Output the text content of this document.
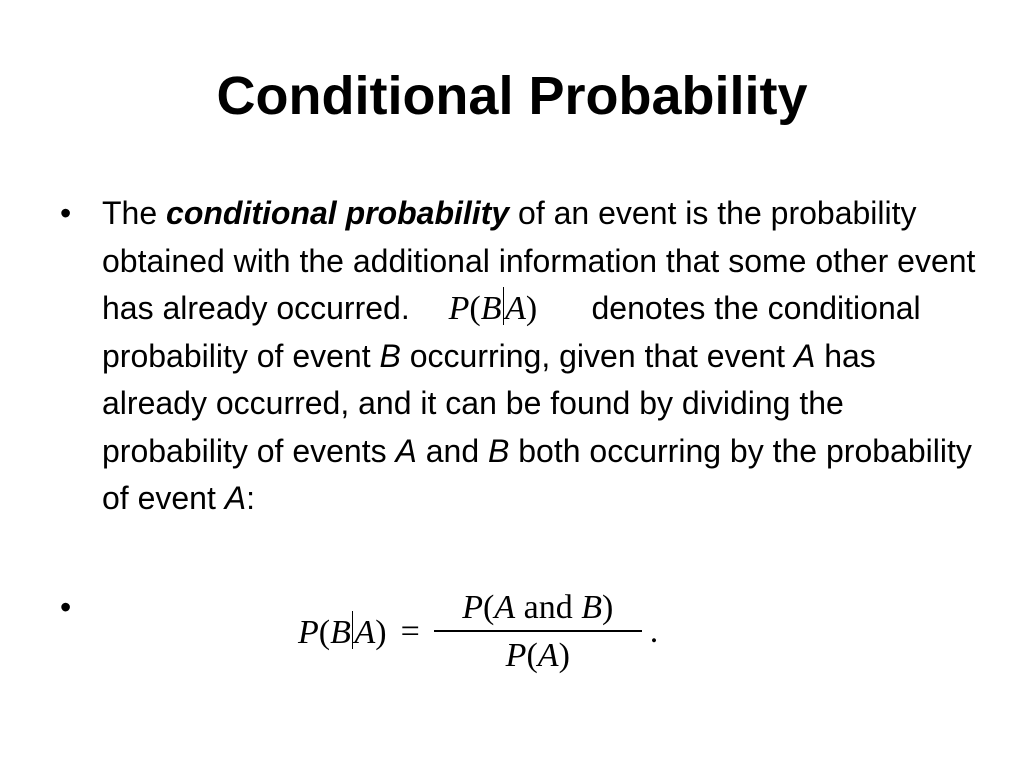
Conditional Probability
• The conditional probability of an event is the probability obtained with the additional information that some other event has already occurred. P(B A) denotes the conditional probability of event B occurring, given that event A has already occurred, and it can be found by dividing the probability of events A and B both occurring by the probability of event A:
•
P(B $A) = \frac{\text{P(A and B)}}{P(A)}$ .
